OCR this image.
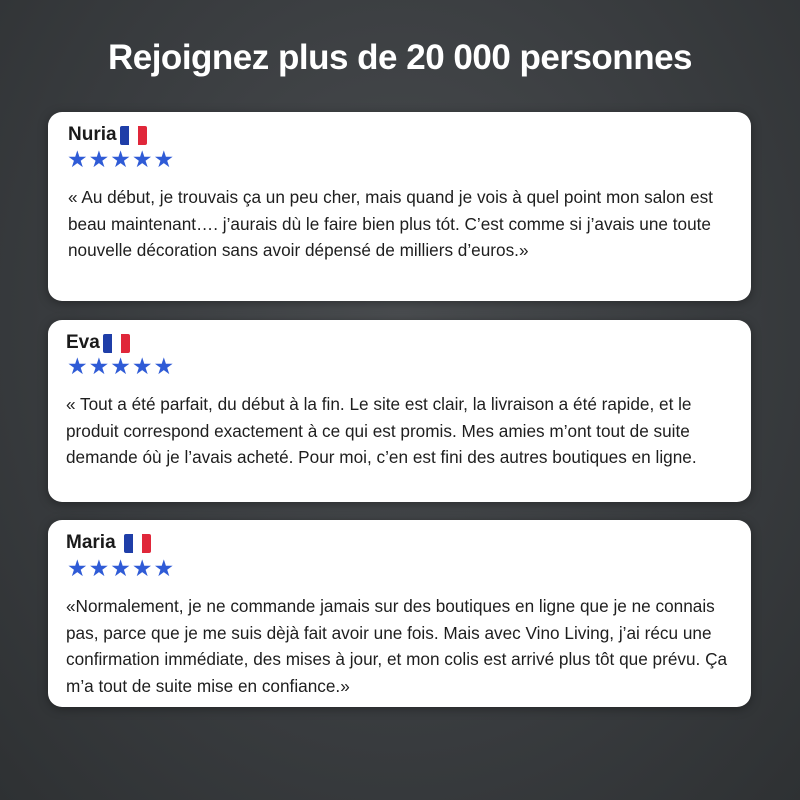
Rejoignez plus de 20 000 personnes
Nuria
★★★★★
« Au début, je trouvais ça un peu cher, mais quand je vois à quel point mon salon est beau maintenant…. j’aurais dù le faire bien plus tót. C’est comme si j’avais une toute nouvelle décoration sans avoir dépensé de milliers d’euros.»
Eva
★★★★★
« Tout a été parfait, du début à la fin. Le site est clair, la livraison a été rapide, et le produit correspond exactement à ce qui est promis. Mes amies m’ont tout de suite demande óù je l’avais acheté. Pour moi, c’en est fini des autres boutiques en ligne.
Maria
★★★★★
«Normalement, je ne commande jamais sur des boutiques en ligne que je ne connais pas, parce que je me suis dèjà fait avoir une fois. Mais avec Vino Living, j’ai récu une confirmation immédiate, des mises à jour, et mon colis est arrivé plus tôt que prévu. Ça m’a tout de suite mise en confiance.»
